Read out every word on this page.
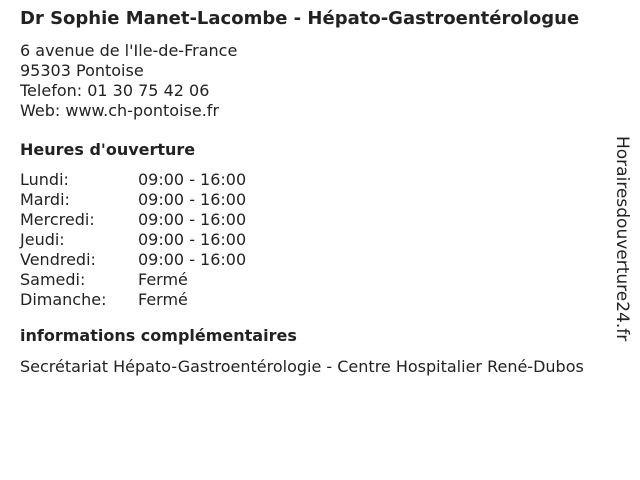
Dr Sophie Manet-Lacombe - Hépato-Gastroentérologue
6 avenue de l'Ile-de-France
95303 Pontoise
Telefon: 01 30 75 42 06
Web: www.ch-pontoise.fr
Heures d'ouverture
Lundi:	09:00 - 16:00
Mardi:	09:00 - 16:00
Mercredi:	09:00 - 16:00
Jeudi:	09:00 - 16:00
Vendredi:	09:00 - 16:00
Samedi:	Fermé
Dimanche:	Fermé
informations complémentaires
Secrétariat Hépato-Gastroentérologie - Centre Hospitalier René-Dubos
Horairesdouverture24.fr
